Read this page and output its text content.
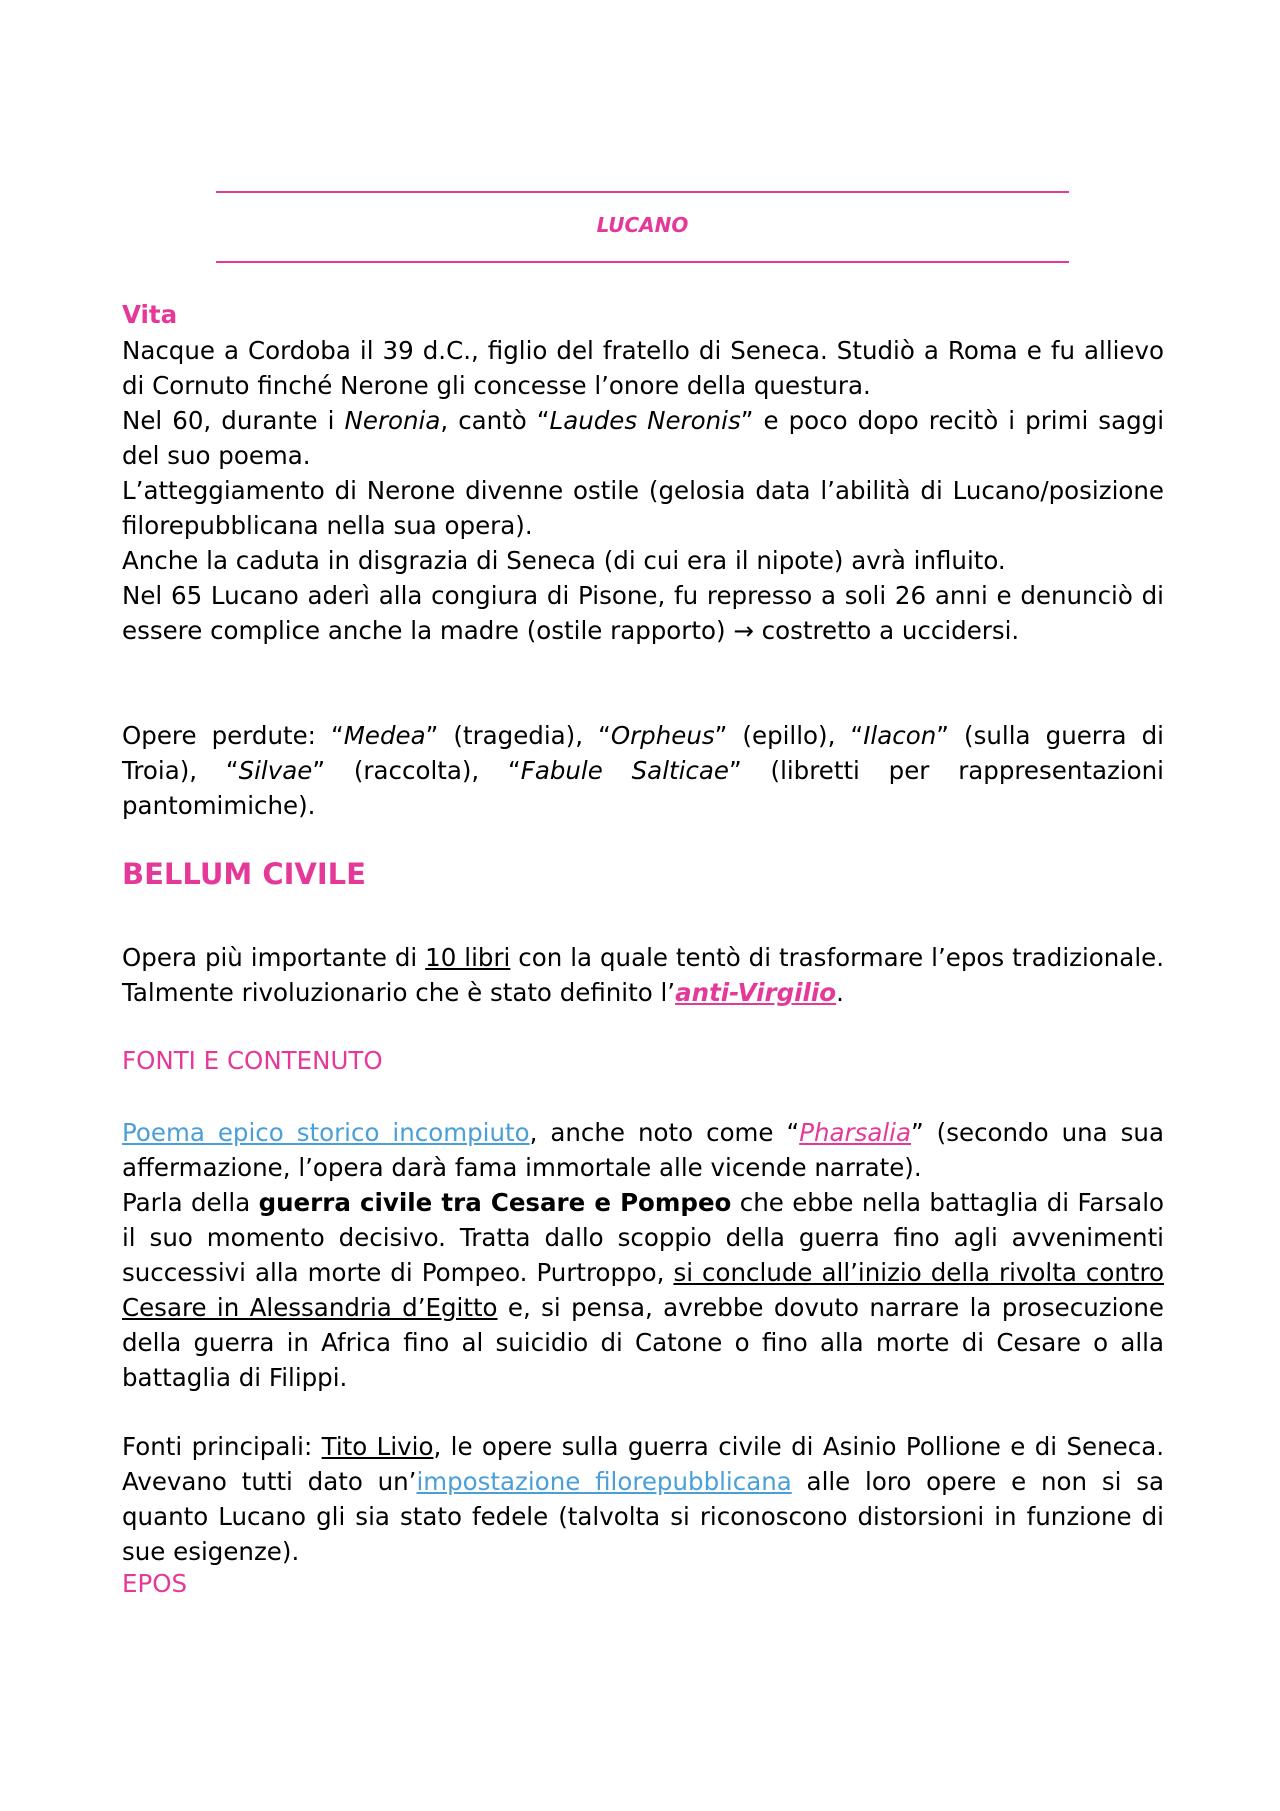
LUCANO
Vita

Nacque a Cordoba il 39 d.C., figlio del fratello di Seneca. Studiò a Roma e fu allievo di Cornuto finché Nerone gli concesse l’onore della questura.

Nel 60, durante i Neronia, cantò “Laudes Neronis” e poco dopo recitò i primi saggi del suo poema.

L’atteggiamento di Nerone divenne ostile (gelosia data l’abilità di Lucano/posizione filorepubblicana nella sua opera).

Anche la caduta in disgrazia di Seneca (di cui era il nipote) avrà influito.

Nel 65 Lucano aderì alla congiura di Pisone, fu represso a soli 26 anni e denunciò di essere complice anche la madre (ostile rapporto) → costretto a uccidersi.

Opere perdute: “Medea” (tragedia), “Orpheus” (epillo), “Ilacon” (sulla guerra di Troia), “Silvae” (raccolta), “Fabule Salticae” (libretti per rappresentazioni pantomimiche).

BELLUM CIVILE

Opera più importante di 10 libri con la quale tentò di trasformare l’epos tradizionale. Talmente rivoluzionario che è stato definito l’anti-Virgilio.

FONTI E CONTENUTO

Poema epico storico incompiuto, anche noto come “Pharsalia” (secondo una sua affermazione, l’opera darà fama immortale alle vicende narrate).

Parla della guerra civile tra Cesare e Pompeo che ebbe nella battaglia di Farsalo il suo momento decisivo. Tratta dallo scoppio della guerra fino agli avvenimenti successivi alla morte di Pompeo. Purtroppo, si conclude all’inizio della rivolta contro Cesare in Alessandria d’Egitto e, si pensa, avrebbe dovuto narrare la prosecuzione della guerra in Africa fino al suicidio di Catone o fino alla morte di Cesare o alla battaglia di Filippi.

Fonti principali: Tito Livio, le opere sulla guerra civile di Asinio Pollione e di Seneca. Avevano tutti dato un’impostazione filorepubblicana alle loro opere e non si sa quanto Lucano gli sia stato fedele (talvolta si riconoscono distorsioni in funzione di sue esigenze).

EPOS
